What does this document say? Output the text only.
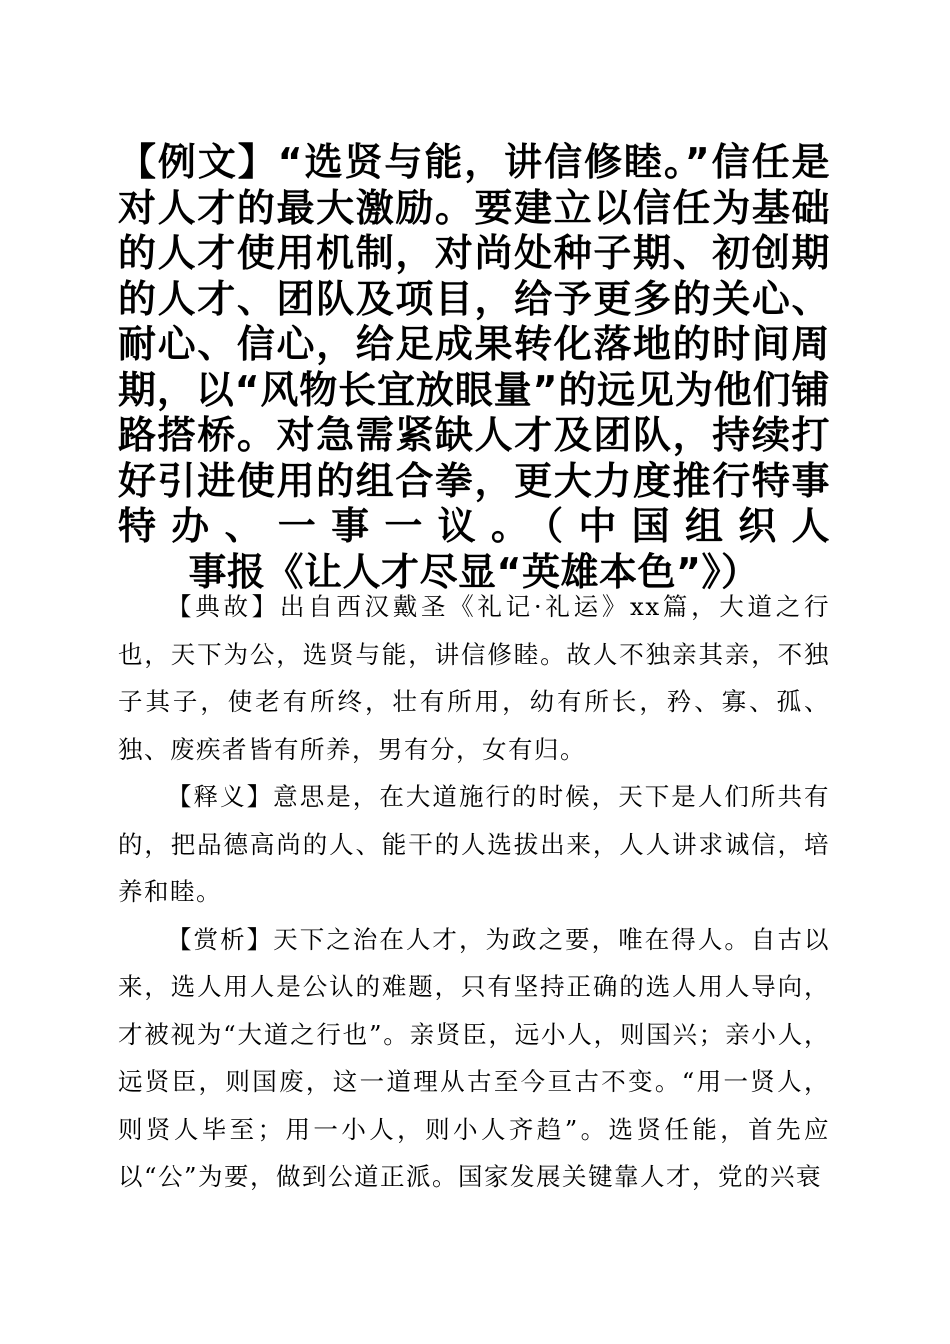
【例文】“选贤与能，讲信修睦。”信任是对人才的最大激励。要建立以信任为基础的人才使用机制，对尚处种子期、初创期的人才、团队及项目，给予更多的关心、耐心、信心，给足成果转化落地的时间周期，以“风物长宜放眼量”的远见为他们铺路搭桥。对急需紧缺人才及团队，持续打好引进使用的组合拳，更大力度推行特事特办、一事一议。（中国组织人
事报《让人才尽显“英雄本色”》）

【典故】出自西汉戴圣《礼记·礼运》xx篇，大道之行也，天下为公，选贤与能，讲信修睦。故人不独亲其亲，不独子其子，使老有所终，壮有所用，幼有所长，矜、寡、孤、独、废疾者皆有所养，男有分，女有归。

【释义】意思是，在大道施行的时候，天下是人们所共有的，把品德高尚的人、能干的人选拔出来，人人讲求诚信，培养和睦。

【赏析】天下之治在人才，为政之要，唯在得人。自古以来，选人用人是公认的难题，只有坚持正确的选人用人导向，才被视为“大道之行也”。亲贤臣，远小人，则国兴；亲小人，远贤臣，则国废，这一道理从古至今亘古不变。“用一贤人，则贤人毕至；用一小人，则小人齐趋”。选贤任能，首先应以“公”为要，做到公道正派。国家发展关键靠人才，党的兴衰
